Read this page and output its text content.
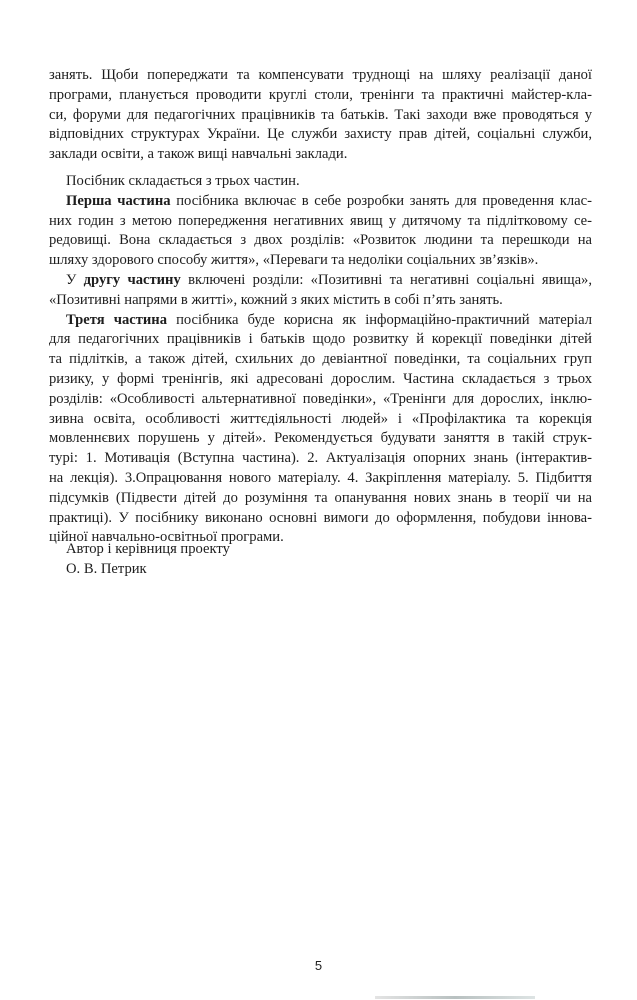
занять. Щоби попереджати та компенсувати труднощі на шляху реалізації даної
програми, планується проводити круглі столи, тренінги та практичні майстер-кла-
си, форуми для педагогічних працівників та батьків. Такі заходи вже проводяться у
відповідних структурах України. Це служби захисту прав дітей, соціальні служби,
заклади освіти, а також вищі навчальні заклади.
Посібник складається з трьох частин.
Перша частина посібника включає в себе розробки занять для проведення клас-
них годин з метою попередження негативних явищ у дитячому та підлітковому се-
редовищі. Вона складається з двох розділів: «Розвиток людини та перешкоди на
шляху здорового способу життя», «Переваги та недоліки соціальних зв’язків».
У другу частину включені розділи: «Позитивні та негативні соціальні явища»,
«Позитивні напрями в житті», кожний з яких містить в собі п’ять занять.
Третя частина посібника буде корисна як інформаційно-практичний матеріал
для педагогічних працівників і батьків щодо розвитку й корекції поведінки дітей
та підлітків, а також дітей, схильних до девіантної поведінки, та соціальних груп
ризику, у формі тренінгів, які адресовані дорослим. Частина складається з трьох
розділів: «Особливості альтернативної поведінки», «Тренінги для дорослих, інклю-
зивна освіта, особливості життєдіяльності людей» і «Профілактика та корекція
мовленнєвих порушень у дітей». Рекомендується будувати заняття в такій струк-
турі: 1. Мотивація (Вступна частина). 2. Актуалізація опорних знань (інтерактив-
на лекція). 3.Опрацювання нового матеріалу. 4. Закріплення матеріалу. 5. Підбиття
підсумків (Підвести дітей до розуміння та опанування нових знань в теорії чи на
практиці). У посібнику виконано основні вимоги до оформлення, побудови іннова-
ційної навчально-освітньої програми.
Автор і керівниця проекту
О. В. Петрик
5
